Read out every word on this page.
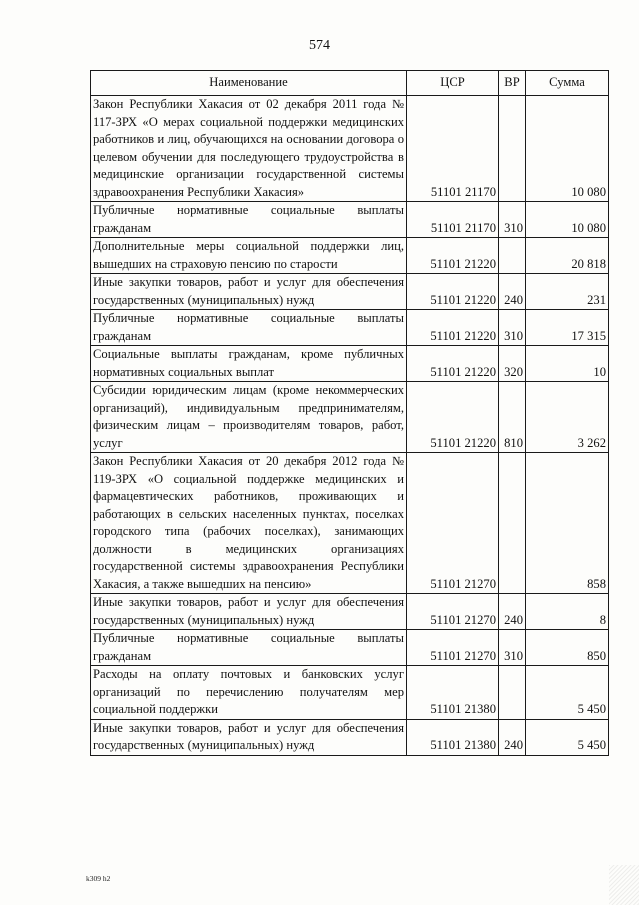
574
Наименование	ЦСР	ВР	Сумма
Закон Республики Хакасия от 02 декабря 2011 года № 117-ЗРХ «О мерах социальной поддержки медицинских работников и лиц, обучающихся на основании договора о целевом обучении для последующего трудоустройства в медицинские организации государственной системы здравоохранения Республики Хакасия»	51101 21170		10 080
Публичные нормативные социальные выплаты гражданам	51101 21170	310	10 080
Дополнительные меры социальной поддержки лиц, вышедших на страховую пенсию по старости	51101 21220		20 818
Иные закупки товаров, работ и услуг для обеспечения государственных (муниципальных) нужд	51101 21220	240	231
Публичные нормативные социальные выплаты гражданам	51101 21220	310	17 315
Социальные выплаты гражданам, кроме публичных нормативных социальных выплат	51101 21220	320	10
Субсидии юридическим лицам (кроме некоммерческих организаций), индивидуальным предпринимателям, физическим лицам – производителям товаров, работ, услуг	51101 21220	810	3 262
Закон Республики Хакасия от 20 декабря 2012 года № 119-ЗРХ «О социальной поддержке медицинских и фармацевтических работников, проживающих и работающих в сельских населенных пунктах, поселках городского типа (рабочих поселках), занимающих должности в медицинских организациях государственной системы здравоохранения Республики Хакасия, а также вышедших на пенсию»	51101 21270		858
Иные закупки товаров, работ и услуг для обеспечения государственных (муниципальных) нужд	51101 21270	240	8
Публичные нормативные социальные выплаты гражданам	51101 21270	310	850
Расходы на оплату почтовых и банковских услуг организаций по перечислению получателям мер социальной поддержки	51101 21380		5 450
Иные закупки товаров, работ и услуг для обеспечения государственных (муниципальных) нужд	51101 21380	240	5 450
k309 h2
